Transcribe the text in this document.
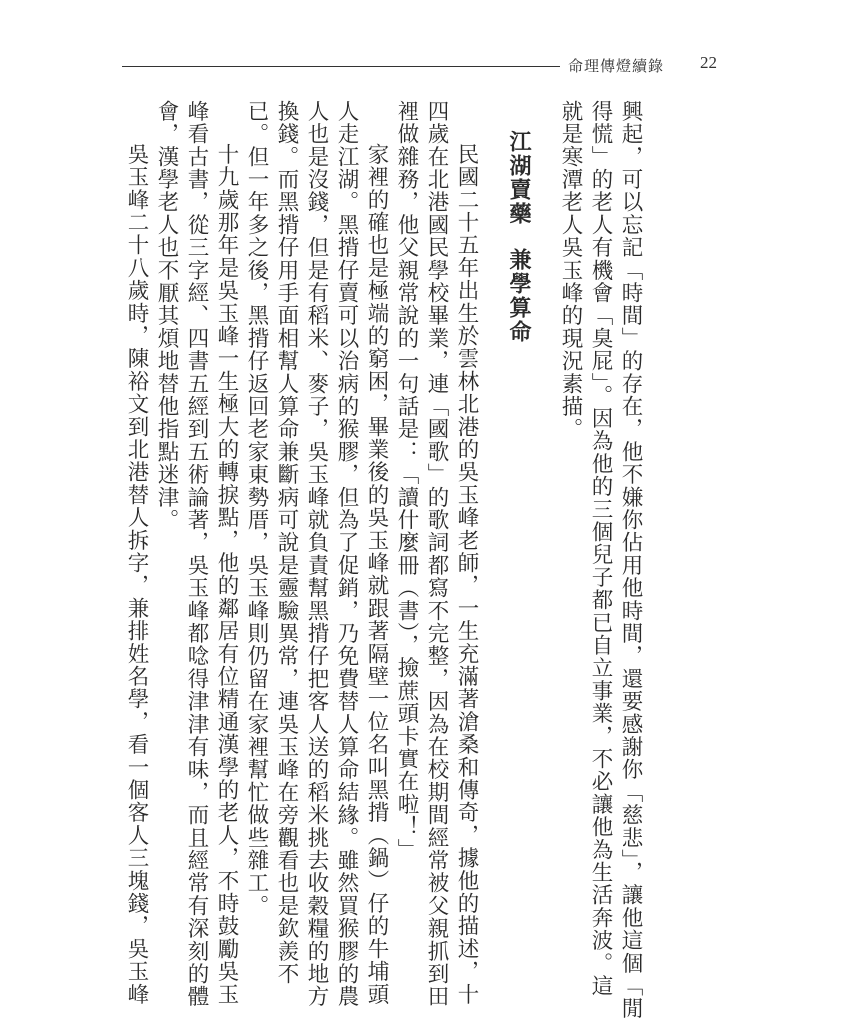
命理傳燈續錄 22
興起，可以忘記「時間」的存在，他不嫌你佔用他時間，還要感謝你「慈悲」，讓他這個「閒
得慌」的老人有機會「臭屁」。因為他的三個兒子都已自立事業，不必讓他為生活奔波。這
就是寒潭老人吳玉峰的現況素描。
江湖賣藥兼學算命
民國二十五年出生於雲林北港的吳玉峰老師，一生充滿著滄桑和傳奇，據他的描述，十
四歲在北港國民學校畢業，連「國歌」的歌詞都寫不完整，因為在校期間經常被父親抓到田
裡做雜務，他父親常說的一句話是：「讀什麼冊（書），撿蔗頭卡實在啦！」
家裡的確也是極端的窮困，畢業後的吳玉峰就跟著隔壁一位名叫黑揹（鍋）仔的牛埔頭
人走江湖。黑揹仔賣可以治病的猴膠，但為了促銷，乃免費替人算命結緣。雖然買猴膠的農
人也是沒錢，但是有稻米、麥子，吳玉峰就負責幫黑揹仔把客人送的稻米挑去收穀糧的地方
換錢。而黑揹仔用手面相幫人算命兼斷病可說是靈驗異常，連吳玉峰在旁觀看也是欽羨不
已。但一年多之後，黑揹仔返回老家東勢厝，吳玉峰則仍留在家裡幫忙做些雜工。
十九歲那年是吳玉峰一生極大的轉捩點，他的鄰居有位精通漢學的老人，不時鼓勵吳玉
峰看古書，從三字經、四書五經到五術論著，吳玉峰都唸得津津有味，而且經常有深刻的體
會，漢學老人也不厭其煩地替他指點迷津。
吳玉峰二十八歲時，陳裕文到北港替人拆字，兼排姓名學，看一個客人三塊錢，吳玉峰
